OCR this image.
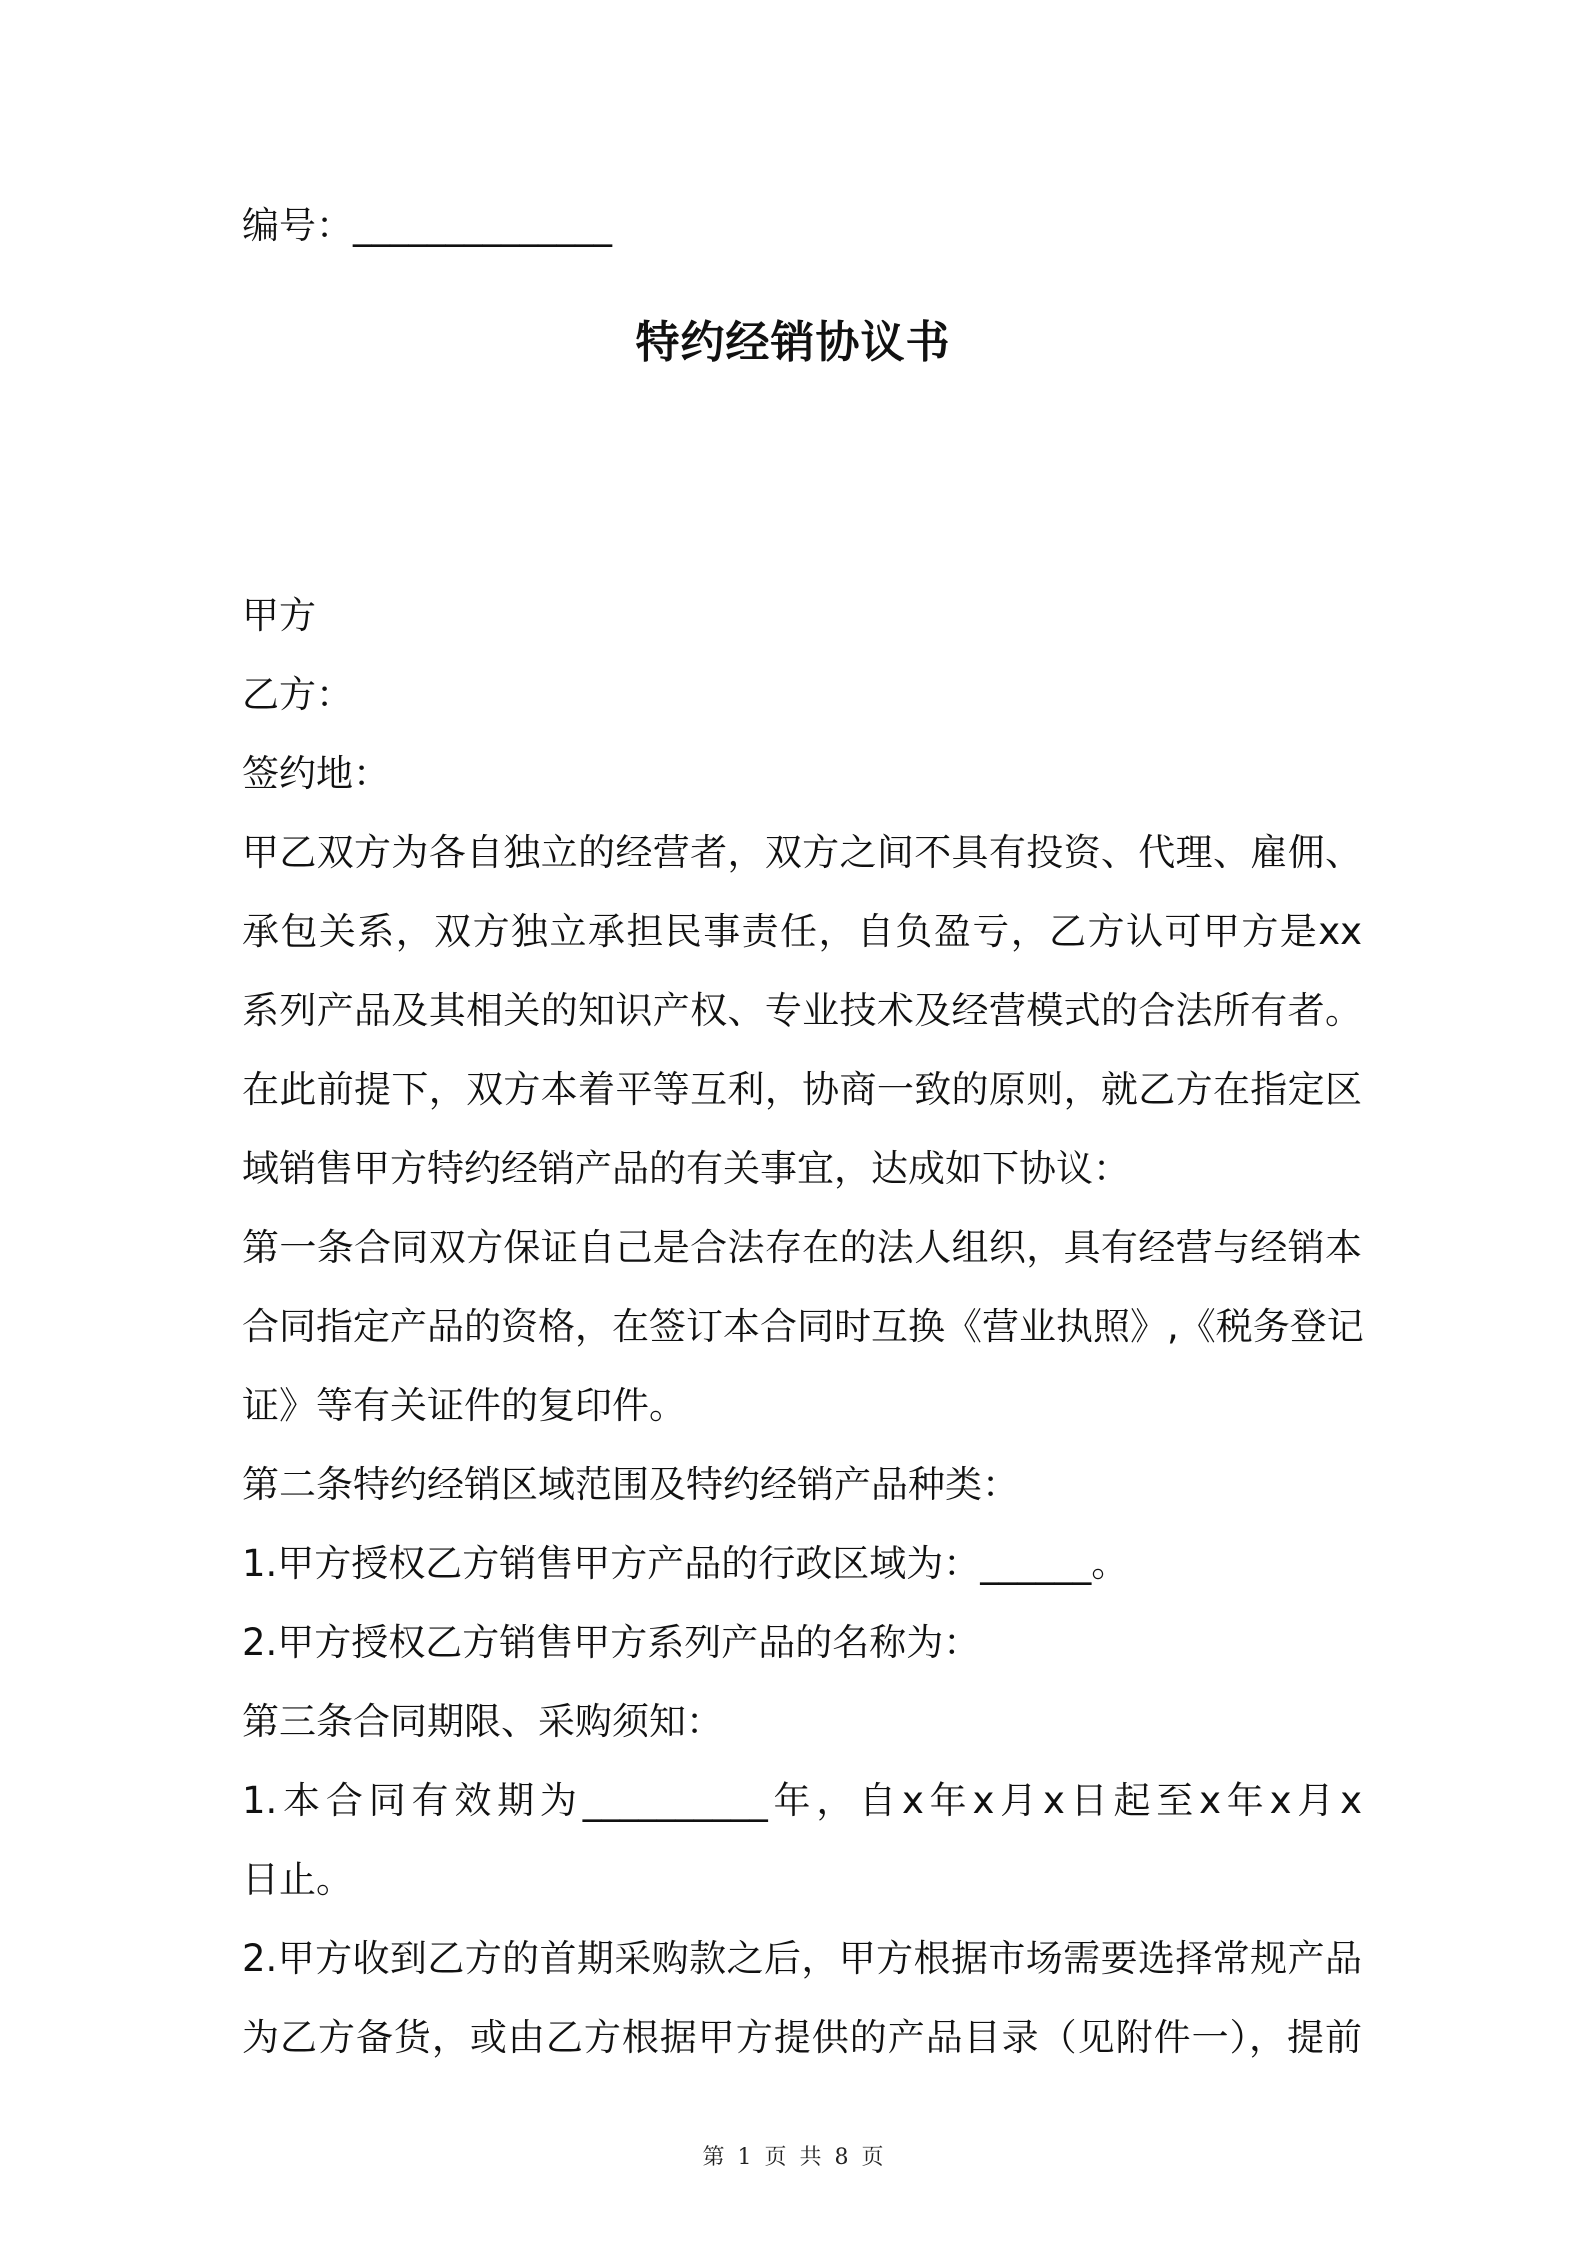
编号：______________
特约经销协议书
甲方
乙方：
签约地：
甲乙双方为各自独立的经营者，双方之间不具有投资、代理、雇佣、
承包关系，双方独立承担民事责任，自负盈亏，乙方认可甲方是xx
系列产品及其相关的知识产权、专业技术及经营模式的合法所有者。
在此前提下，双方本着平等互利，协商一致的原则，就乙方在指定区
域销售甲方特约经销产品的有关事宜，达成如下协议：
第一条合同双方保证自己是合法存在的法人组织，具有经营与经销本
合同指定产品的资格，在签订本合同时互换《营业执照》,《税务登记
证》等有关证件的复印件。
第二条特约经销区域范围及特约经销产品种类：
1.甲方授权乙方销售甲方产品的行政区域为：______。
2.甲方授权乙方销售甲方系列产品的名称为：
第三条合同期限、采购须知：
1.本合同有效期为__________年，自x年x月x日起至x年x月x
日止。
2.甲方收到乙方的首期采购款之后，甲方根据市场需要选择常规产品
为乙方备货，或由乙方根据甲方提供的产品目录（见附件一），提前
第 1 页 共 8 页
